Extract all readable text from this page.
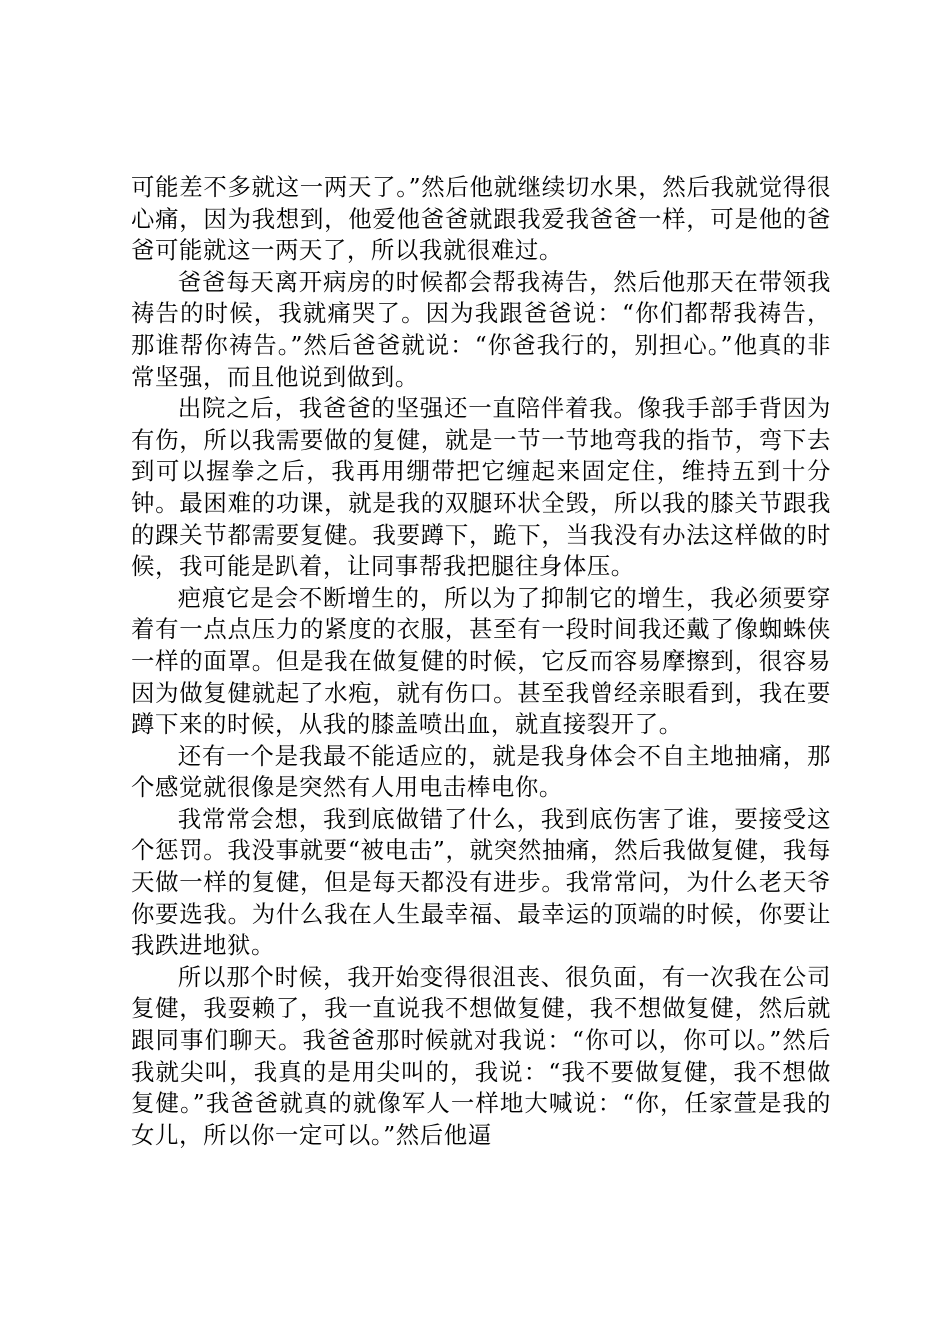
可能差不多就这一两天了。”然后他就继续切水果，然后我就觉得很心痛，因为我想到，他爱他爸爸就跟我爱我爸爸一样，可是他的爸爸可能就这一两天了，所以我就很难过。

爸爸每天离开病房的时候都会帮我祷告，然后他那天在带领我祷告的时候，我就痛哭了。因为我跟爸爸说：“你们都帮我祷告，那谁帮你祷告。”然后爸爸就说：“你爸我行的，别担心。”他真的非常坚强，而且他说到做到。

出院之后，我爸爸的坚强还一直陪伴着我。像我手部手背因为有伤，所以我需要做的复健，就是一节一节地弯我的指节，弯下去到可以握拳之后，我再用绷带把它缠起来固定住，维持五到十分钟。最困难的功课，就是我的双腿环状全毁，所以我的膝关节跟我的踝关节都需要复健。我要蹲下，跪下，当我没有办法这样做的时候，我可能是趴着，让同事帮我把腿往身体压。

疤痕它是会不断增生的，所以为了抑制它的增生，我必须要穿着有一点点压力的紧度的衣服，甚至有一段时间我还戴了像蜘蛛侠一样的面罩。但是我在做复健的时候，它反而容易摩擦到，很容易因为做复健就起了水疱，就有伤口。甚至我曾经亲眼看到，我在要蹲下来的时候，从我的膝盖喷出血，就直接裂开了。

还有一个是我最不能适应的，就是我身体会不自主地抽痛，那个感觉就很像是突然有人用电击棒电你。

我常常会想，我到底做错了什么，我到底伤害了谁，要接受这个惩罚。我没事就要“被电击”，就突然抽痛，然后我做复健，我每天做一样的复健，但是每天都没有进步。我常常问，为什么老天爷你要选我。为什么我在人生最幸福、最幸运的顶端的时候，你要让我跌进地狱。

所以那个时候，我开始变得很沮丧、很负面，有一次我在公司复健，我耍赖了，我一直说我不想做复健，我不想做复健，然后就跟同事们聊天。我爸爸那时候就对我说：“你可以，你可以。”然后我就尖叫，我真的是用尖叫的，我说：“我不要做复健，我不想做复健。”我爸爸就真的就像军人一样地大喊说：“你，任家萱是我的女儿，所以你一定可以。”然后他逼
